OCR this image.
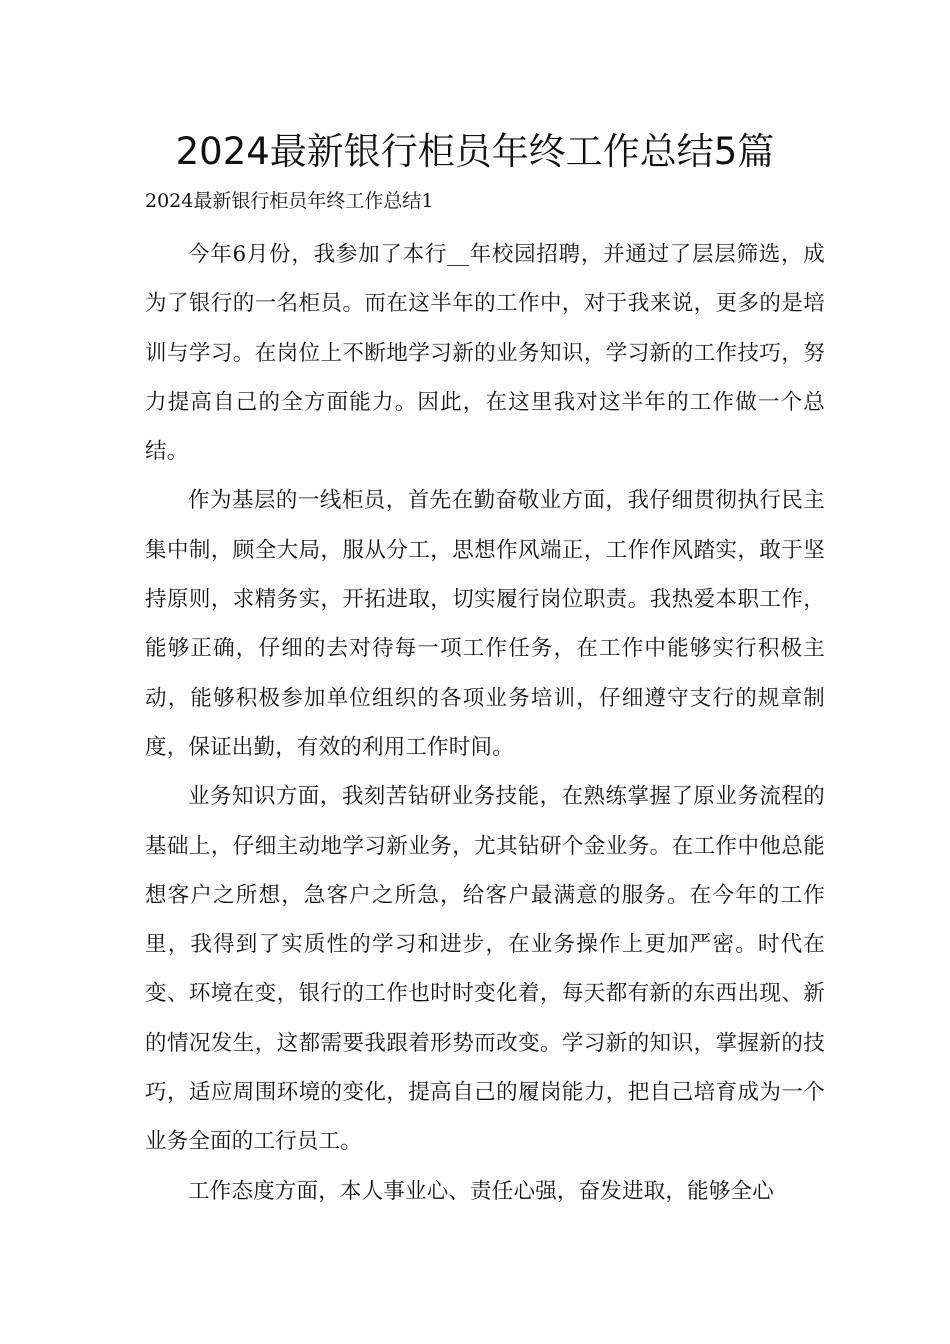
2024最新银行柜员年终工作总结5篇
2024最新银行柜员年终工作总结1

今年6月份，我参加了本行__年校园招聘，并通过了层层筛选，成为了银行的一名柜员。而在这半年的工作中，对于我来说，更多的是培训与学习。在岗位上不断地学习新的业务知识，学习新的工作技巧，努力提高自己的全方面能力。因此，在这里我对这半年的工作做一个总结。

作为基层的一线柜员，首先在勤奋敬业方面，我仔细贯彻执行民主集中制，顾全大局，服从分工，思想作风端正，工作作风踏实，敢于坚持原则，求精务实，开拓进取，切实履行岗位职责。我热爱本职工作，能够正确，仔细的去对待每一项工作任务，在工作中能够实行积极主动，能够积极参加单位组织的各项业务培训，仔细遵守支行的规章制度，保证出勤，有效的利用工作时间。

业务知识方面，我刻苦钻研业务技能，在熟练掌握了原业务流程的基础上，仔细主动地学习新业务，尤其钻研个金业务。在工作中他总能想客户之所想，急客户之所急，给客户最满意的服务。在今年的工作里，我得到了实质性的学习和进步，在业务操作上更加严密。时代在变、环境在变，银行的工作也时时变化着，每天都有新的东西出现、新的情况发生，这都需要我跟着形势而改变。学习新的知识，掌握新的技巧，适应周围环境的变化，提高自己的履岗能力，把自己培育成为一个业务全面的工行员工。

工作态度方面，本人事业心、责任心强，奋发进取，能够全心
